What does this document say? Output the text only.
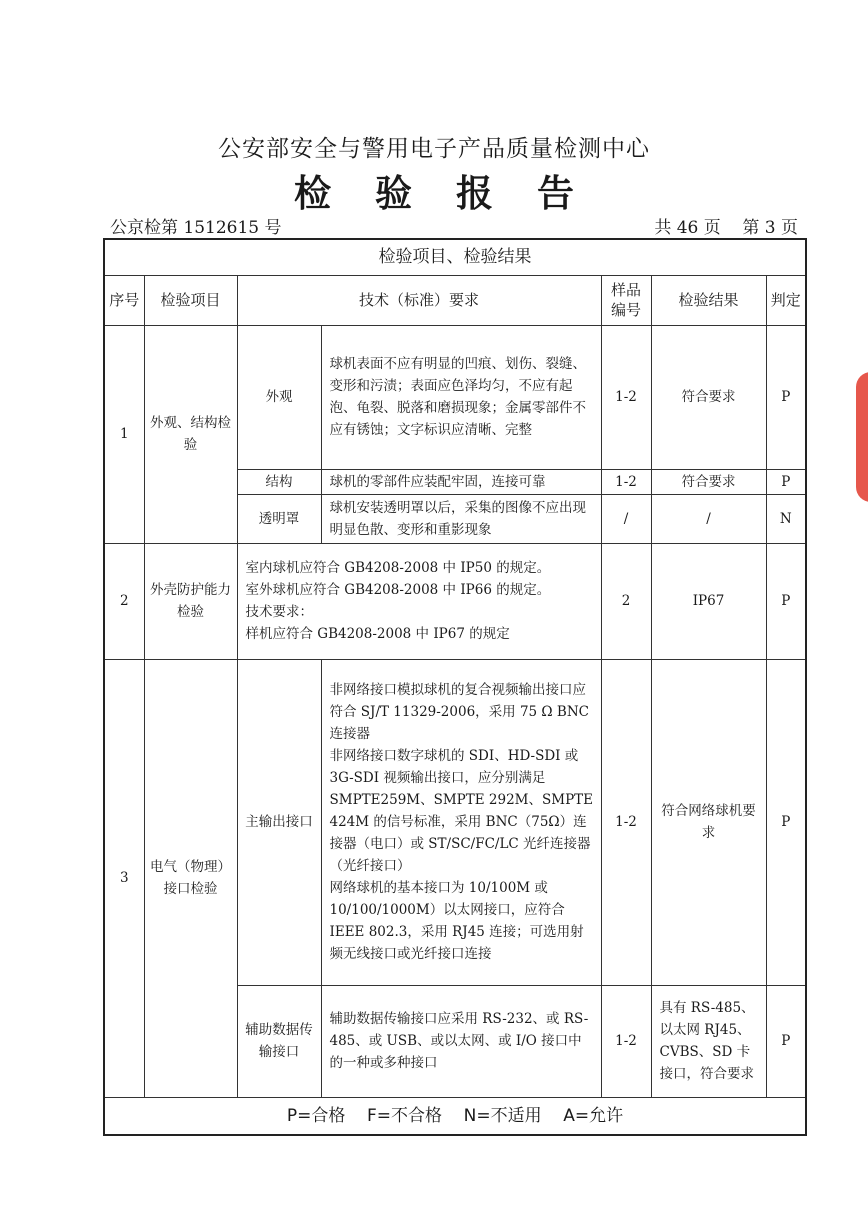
公安部安全与警用电子产品质量检测中心
检验报告
公京检第 1512615 号	共 46 页    第 3 页
检验项目、检验结果						
序号	检验项目	技术（标准）要求		样品编号	检验结果	判定
1	外观、结构检验	外观	球机表面不应有明显的凹痕、划伤、裂缝、变形和污渍；表面应色泽均匀，不应有起泡、龟裂、脱落和磨损现象；金属零部件不应有锈蚀；文字标识应清晰、完整	1-2	符合要求	P
		结构	球机的零部件应装配牢固，连接可靠	1-2	符合要求	P
		透明罩	球机安装透明罩以后，采集的图像不应出现明显色散、变形和重影现象	/	/	N
2	外壳防护能力检验	室内球机应符合 GB4208-2008 中 IP50 的规定。
室外球机应符合 GB4208-2008 中 IP66 的规定。
技术要求：
样机应符合 GB4208-2008 中 IP67 的规定		2	IP67	P
3	电气（物理）接口检验	主输出接口	非网络接口模拟球机的复合视频输出接口应符合 SJ/T 11329-2006，采用 75 Ω BNC 连接器
非网络接口数字球机的 SDI、HD-SDI 或 3G-SDI 视频输出接口，应分别满足 SMPTE259M、SMPTE 292M、SMPTE 424M 的信号标准，采用 BNC（75Ω）连接器（电口）或 ST/SC/FC/LC 光纤连接器（光纤接口）
网络球机的基本接口为 10/100M 或 10/100/1000M）以太网接口，应符合 IEEE 802.3，采用 RJ45 连接；可选用射频无线接口或光纤接口连接	1-2	符合网络球机要求	P
		辅助数据传输接口	辅助数据传输接口应采用 RS-232、或 RS-485、或 USB、或以太网、或 I/O 接口中的一种或多种接口	1-2	具有 RS-485、以太网 RJ45、CVBS、SD 卡接口，符合要求	P
P=合格    F=不合格    N=不适用    A=允许						
